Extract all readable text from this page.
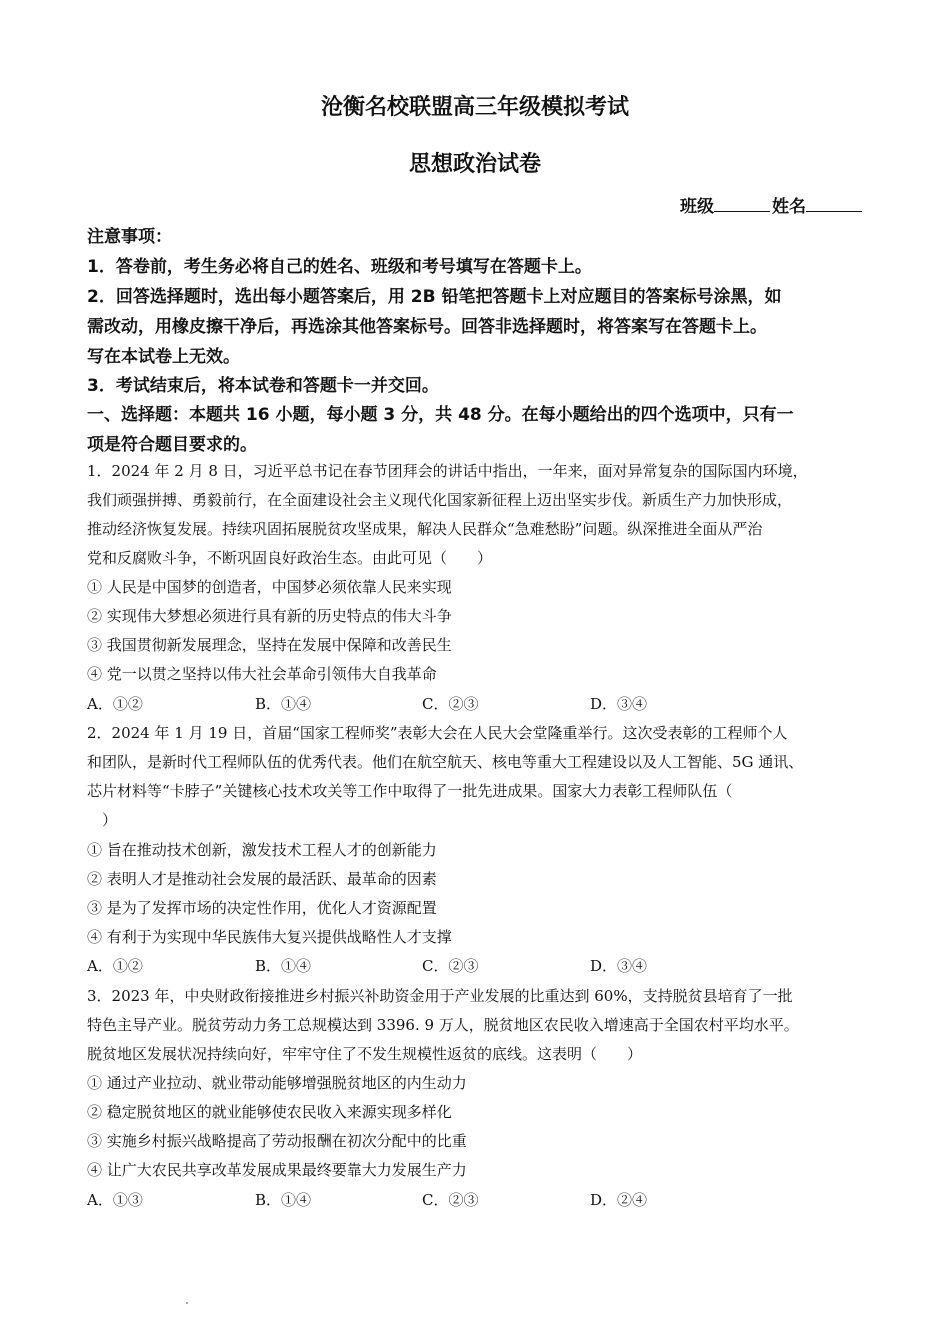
沧衡名校联盟高三年级模拟考试
思想政治试卷
班级	姓名
注意事项：
1．答卷前，考生务必将自己的姓名、班级和考号填写在答题卡上。
2．回答选择题时，选出每小题答案后，用 2B 铅笔把答题卡上对应题目的答案标号涂黑，如
需改动，用橡皮擦干净后，再选涂其他答案标号。回答非选择题时，将答案写在答题卡上。
写在本试卷上无效。
3．考试结束后，将本试卷和答题卡一并交回。
一、选择题：本题共 16 小题，每小题 3 分，共 48 分。在每小题给出的四个选项中，只有一
项是符合题目要求的。
1．2024 年 2 月 8 日，习近平总书记在春节团拜会的讲话中指出，一年来，面对异常复杂的国际国内环境，
我们顽强拼搏、勇毅前行，在全面建设社会主义现代化国家新征程上迈出坚实步伐。新质生产力加快形成，
推动经济恢复发展。持续巩固拓展脱贫攻坚成果，解决人民群众“急难愁盼”问题。纵深推进全面从严治
党和反腐败斗争，不断巩固良好政治生态。由此可见（　　）
① 人民是中国梦的创造者，中国梦必须依靠人民来实现
② 实现伟大梦想必须进行具有新的历史特点的伟大斗争
③ 我国贯彻新发展理念，坚持在发展中保障和改善民生
④ 党一以贯之坚持以伟大社会革命引领伟大自我革命
A．①②	B．①④	C．②③	D．③④
2．2024 年 1 月 19 日，首届“国家工程师奖”表彰大会在人民大会堂隆重举行。这次受表彰的工程师个人
和团队，是新时代工程师队伍的优秀代表。他们在航空航天、核电等重大工程建设以及人工智能、5G 通讯、
芯片材料等“卡脖子”关键核心技术攻关等工作中取得了一批先进成果。国家大力表彰工程师队伍（
　）
① 旨在推动技术创新，激发技术工程人才的创新能力
② 表明人才是推动社会发展的最活跃、最革命的因素
③ 是为了发挥市场的决定性作用，优化人才资源配置
④ 有利于为实现中华民族伟大复兴提供战略性人才支撑
A．①②	B．①④	C．②③	D．③④
3．2023 年，中央财政衔接推进乡村振兴补助资金用于产业发展的比重达到 60%，支持脱贫县培育了一批
特色主导产业。脱贫劳动力务工总规模达到 3396. 9 万人，脱贫地区农民收入增速高于全国农村平均水平。
脱贫地区发展状况持续向好，牢牢守住了不发生规模性返贫的底线。这表明（　　）
① 通过产业拉动、就业带动能够增强脱贫地区的内生动力
② 稳定脱贫地区的就业能够使农民收入来源实现多样化
③ 实施乡村振兴战略提高了劳动报酬在初次分配中的比重
④ 让广大农民共享改革发展成果最终要靠大力发展生产力
A．①③	B．①④	C．②③	D．②④
